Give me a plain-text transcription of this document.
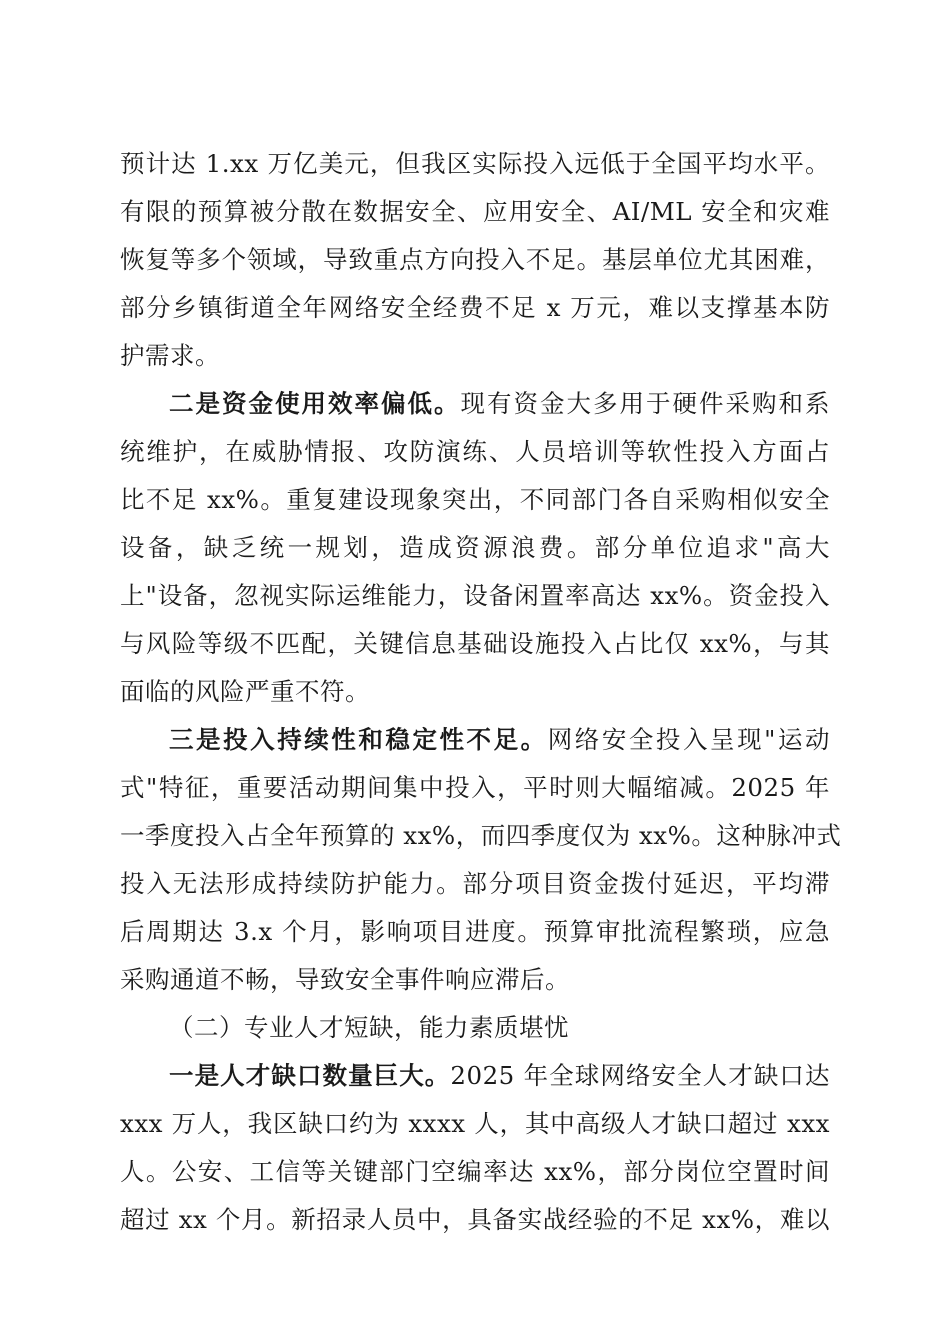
预计达 1.xx 万亿美元，但我区实际投入远低于全国平均水平。
有限的预算被分散在数据安全、应用安全、AI/ML 安全和灾难
恢复等多个领域，导致重点方向投入不足。基层单位尤其困难，
部分乡镇街道全年网络安全经费不足 x 万元，难以支撑基本防
护需求。
二是资金使用效率偏低。现有资金大多用于硬件采购和系
统维护，在威胁情报、攻防演练、人员培训等软性投入方面占
比不足 xx%。重复建设现象突出，不同部门各自采购相似安全
设备，缺乏统一规划，造成资源浪费。部分单位追求"高大
上"设备，忽视实际运维能力，设备闲置率高达 xx%。资金投入
与风险等级不匹配，关键信息基础设施投入占比仅 xx%，与其
面临的风险严重不符。
三是投入持续性和稳定性不足。网络安全投入呈现"运动
式"特征，重要活动期间集中投入，平时则大幅缩减。2025 年
一季度投入占全年预算的 xx%，而四季度仅为 xx%。这种脉冲式
投入无法形成持续防护能力。部分项目资金拨付延迟，平均滞
后周期达 3.x 个月，影响项目进度。预算审批流程繁琐，应急
采购通道不畅，导致安全事件响应滞后。
（二）专业人才短缺，能力素质堪忧
一是人才缺口数量巨大。2025 年全球网络安全人才缺口达
xxx 万人，我区缺口约为 xxxx 人，其中高级人才缺口超过 xxx
人。公安、工信等关键部门空编率达 xx%，部分岗位空置时间
超过 xx 个月。新招录人员中，具备实战经验的不足 xx%，难以
